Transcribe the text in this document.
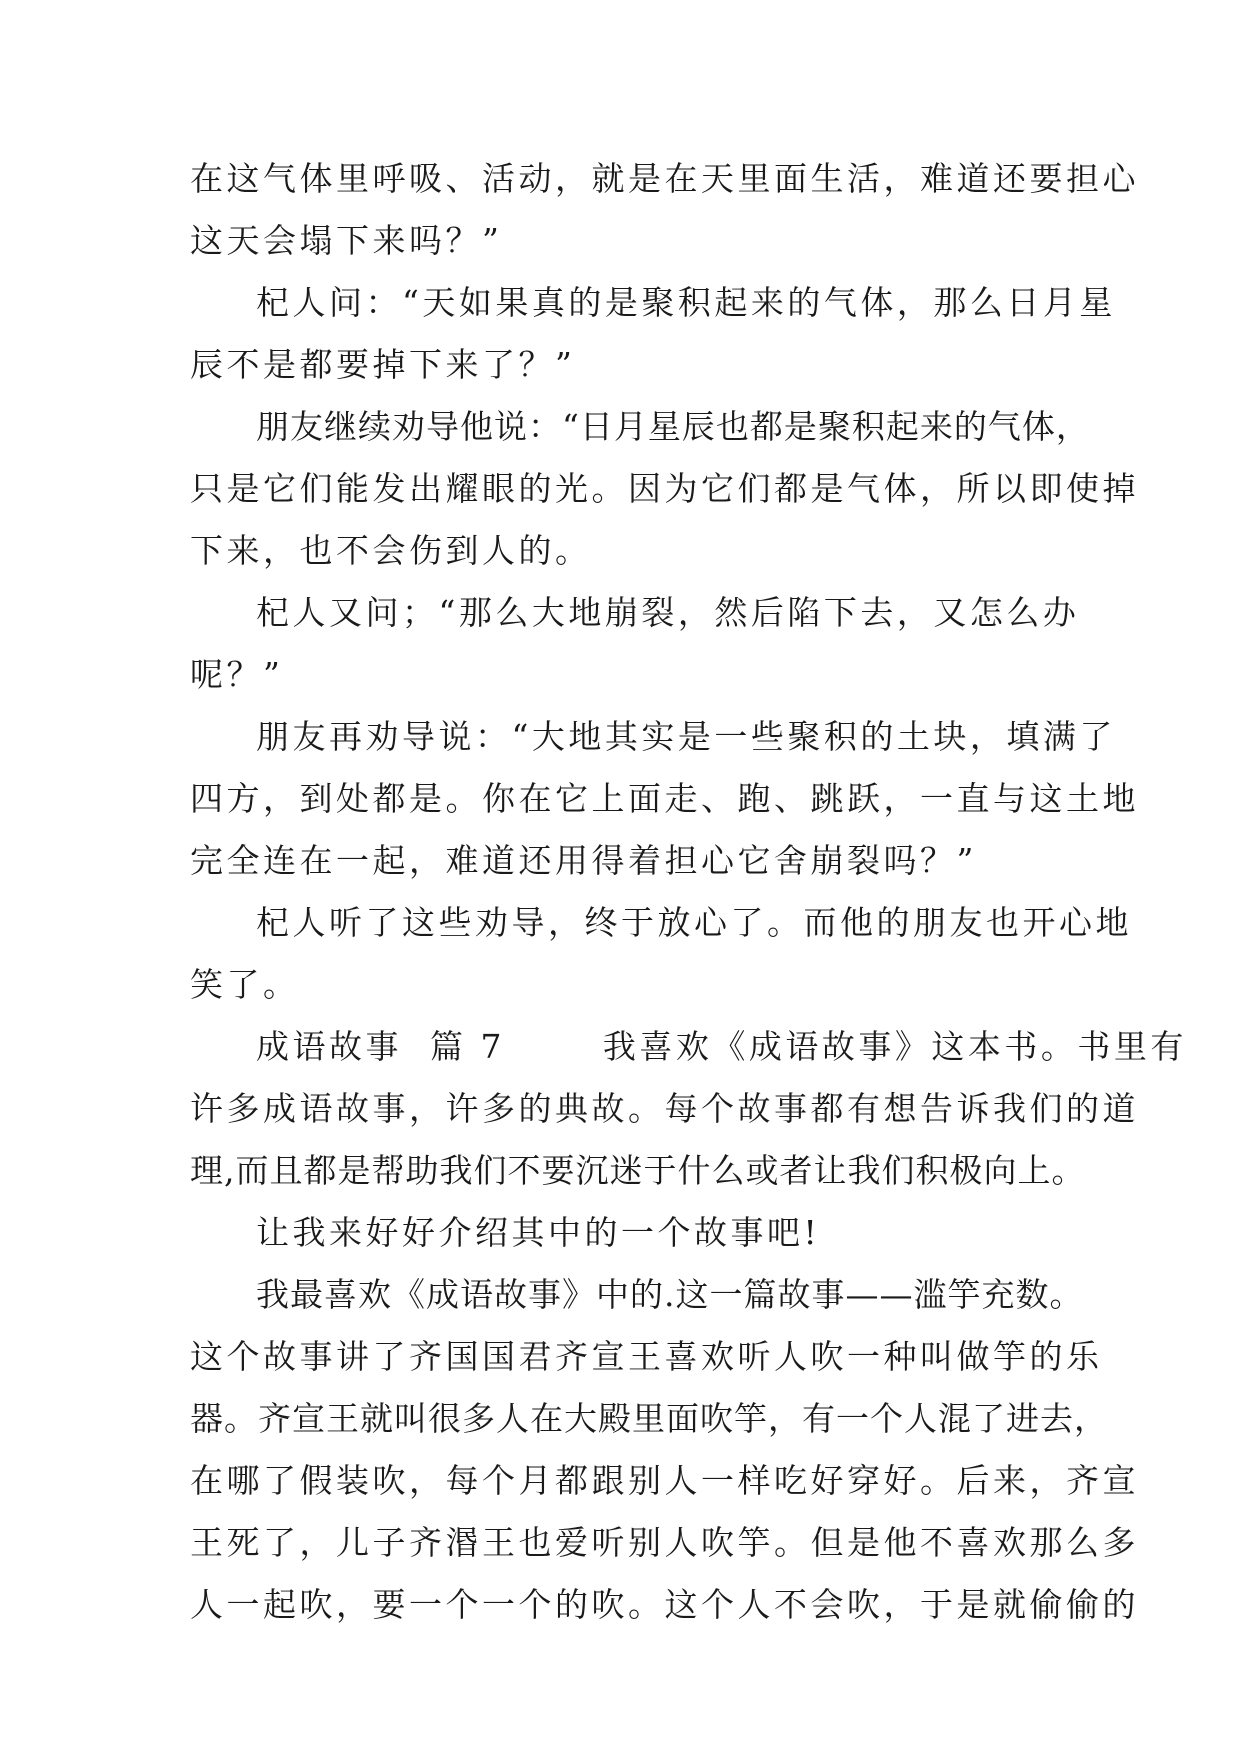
在这气体里呼吸、活动，就是在天里面生活，难道还要担心
这天会塌下来吗？”
杞人问：“天如果真的是聚积起来的气体，那么日月星
辰不是都要掉下来了？”
朋友继续劝导他说：“日月星辰也都是聚积起来的气体，
只是它们能发出耀眼的光。因为它们都是气体，所以即使掉
下来，也不会伤到人的。
杞人又问；“那么大地崩裂，然后陷下去，又怎么办
呢？”
朋友再劝导说：“大地其实是一些聚积的土块，填满了
四方，到处都是。你在它上面走、跑、跳跃，一直与这土地
完全连在一起，难道还用得着担心它舍崩裂吗？”
杞人听了这些劝导，终于放心了。而他的朋友也开心地
笑了。
成语故事  篇 7       我喜欢《成语故事》这本书。书里有
许多成语故事，许多的典故。每个故事都有想告诉我们的道
理,而且都是帮助我们不要沉迷于什么或者让我们积极向上。
让我来好好介绍其中的一个故事吧!
我最喜欢《成语故事》中的.这一篇故事——滥竽充数。
这个故事讲了齐国国君齐宣王喜欢听人吹一种叫做竽的乐
器。齐宣王就叫很多人在大殿里面吹竽，有一个人混了进去，
在哪了假装吹，每个月都跟别人一样吃好穿好。后来，齐宣
王死了，儿子齐湣王也爱听别人吹竽。但是他不喜欢那么多
人一起吹，要一个一个的吹。这个人不会吹，于是就偷偷的
